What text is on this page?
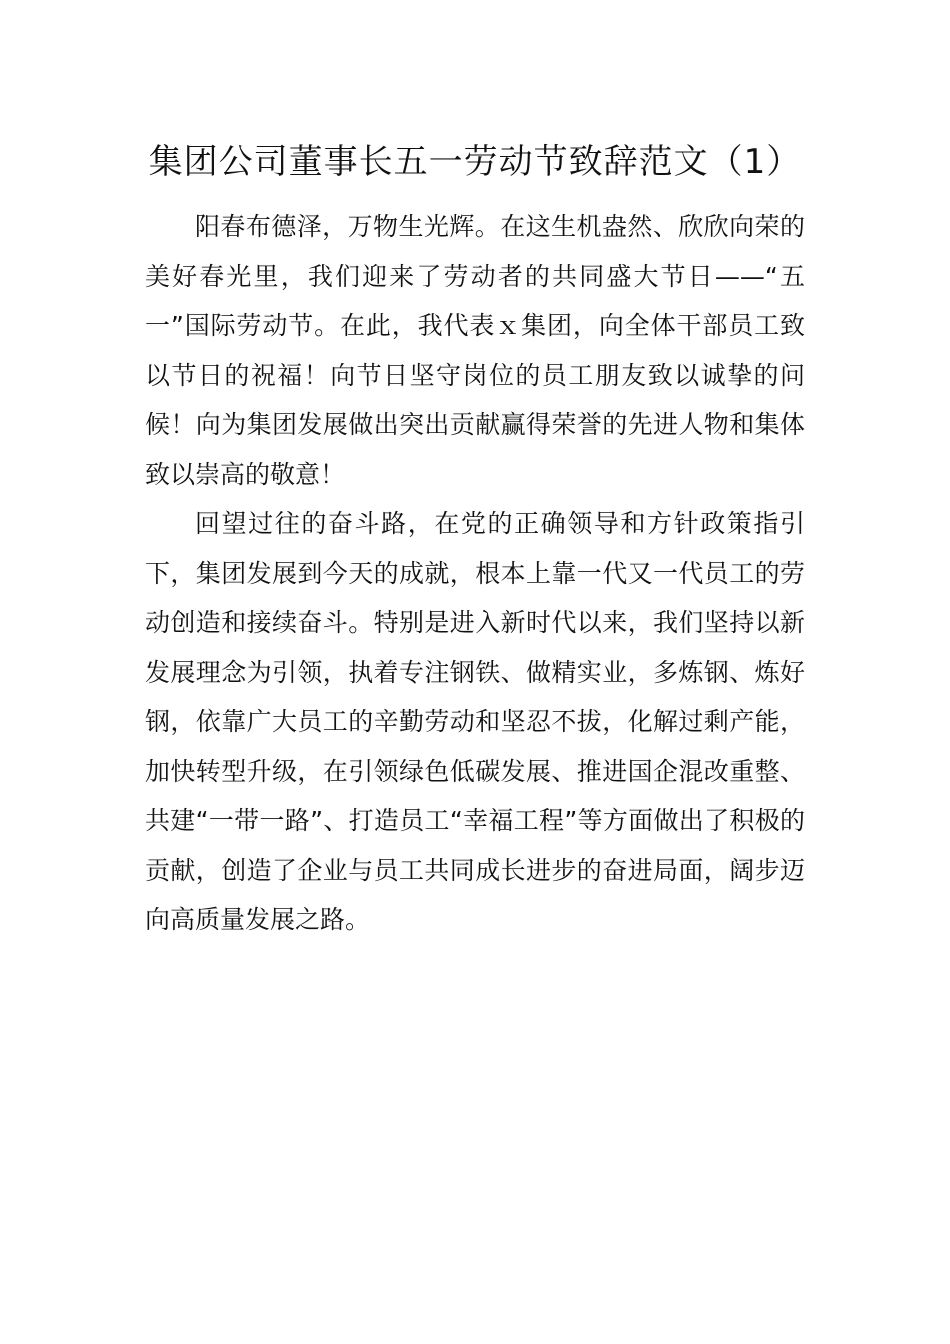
集团公司董事长五一劳动节致辞范文（1）

阳春布德泽，万物生光辉。在这生机盎然、欣欣向荣的美好春光里，我们迎来了劳动者的共同盛大节日——“五一”国际劳动节。在此，我代表ｘ集团，向全体干部员工致以节日的祝福！向节日坚守岗位的员工朋友致以诚挚的问候！向为集团发展做出突出贡献赢得荣誉的先进人物和集体致以崇高的敬意！

回望过往的奋斗路，在党的正确领导和方针政策指引下，集团发展到今天的成就，根本上靠一代又一代员工的劳动创造和接续奋斗。特别是进入新时代以来，我们坚持以新发展理念为引领，执着专注钢铁、做精实业，多炼钢、炼好钢，依靠广大员工的辛勤劳动和坚忍不拔，化解过剩产能，加快转型升级，在引领绿色低碳发展、推进国企混改重整、共建“一带一路”、打造员工“幸福工程”等方面做出了积极的贡献，创造了企业与员工共同成长进步的奋进局面，阔步迈向高质量发展之路。
